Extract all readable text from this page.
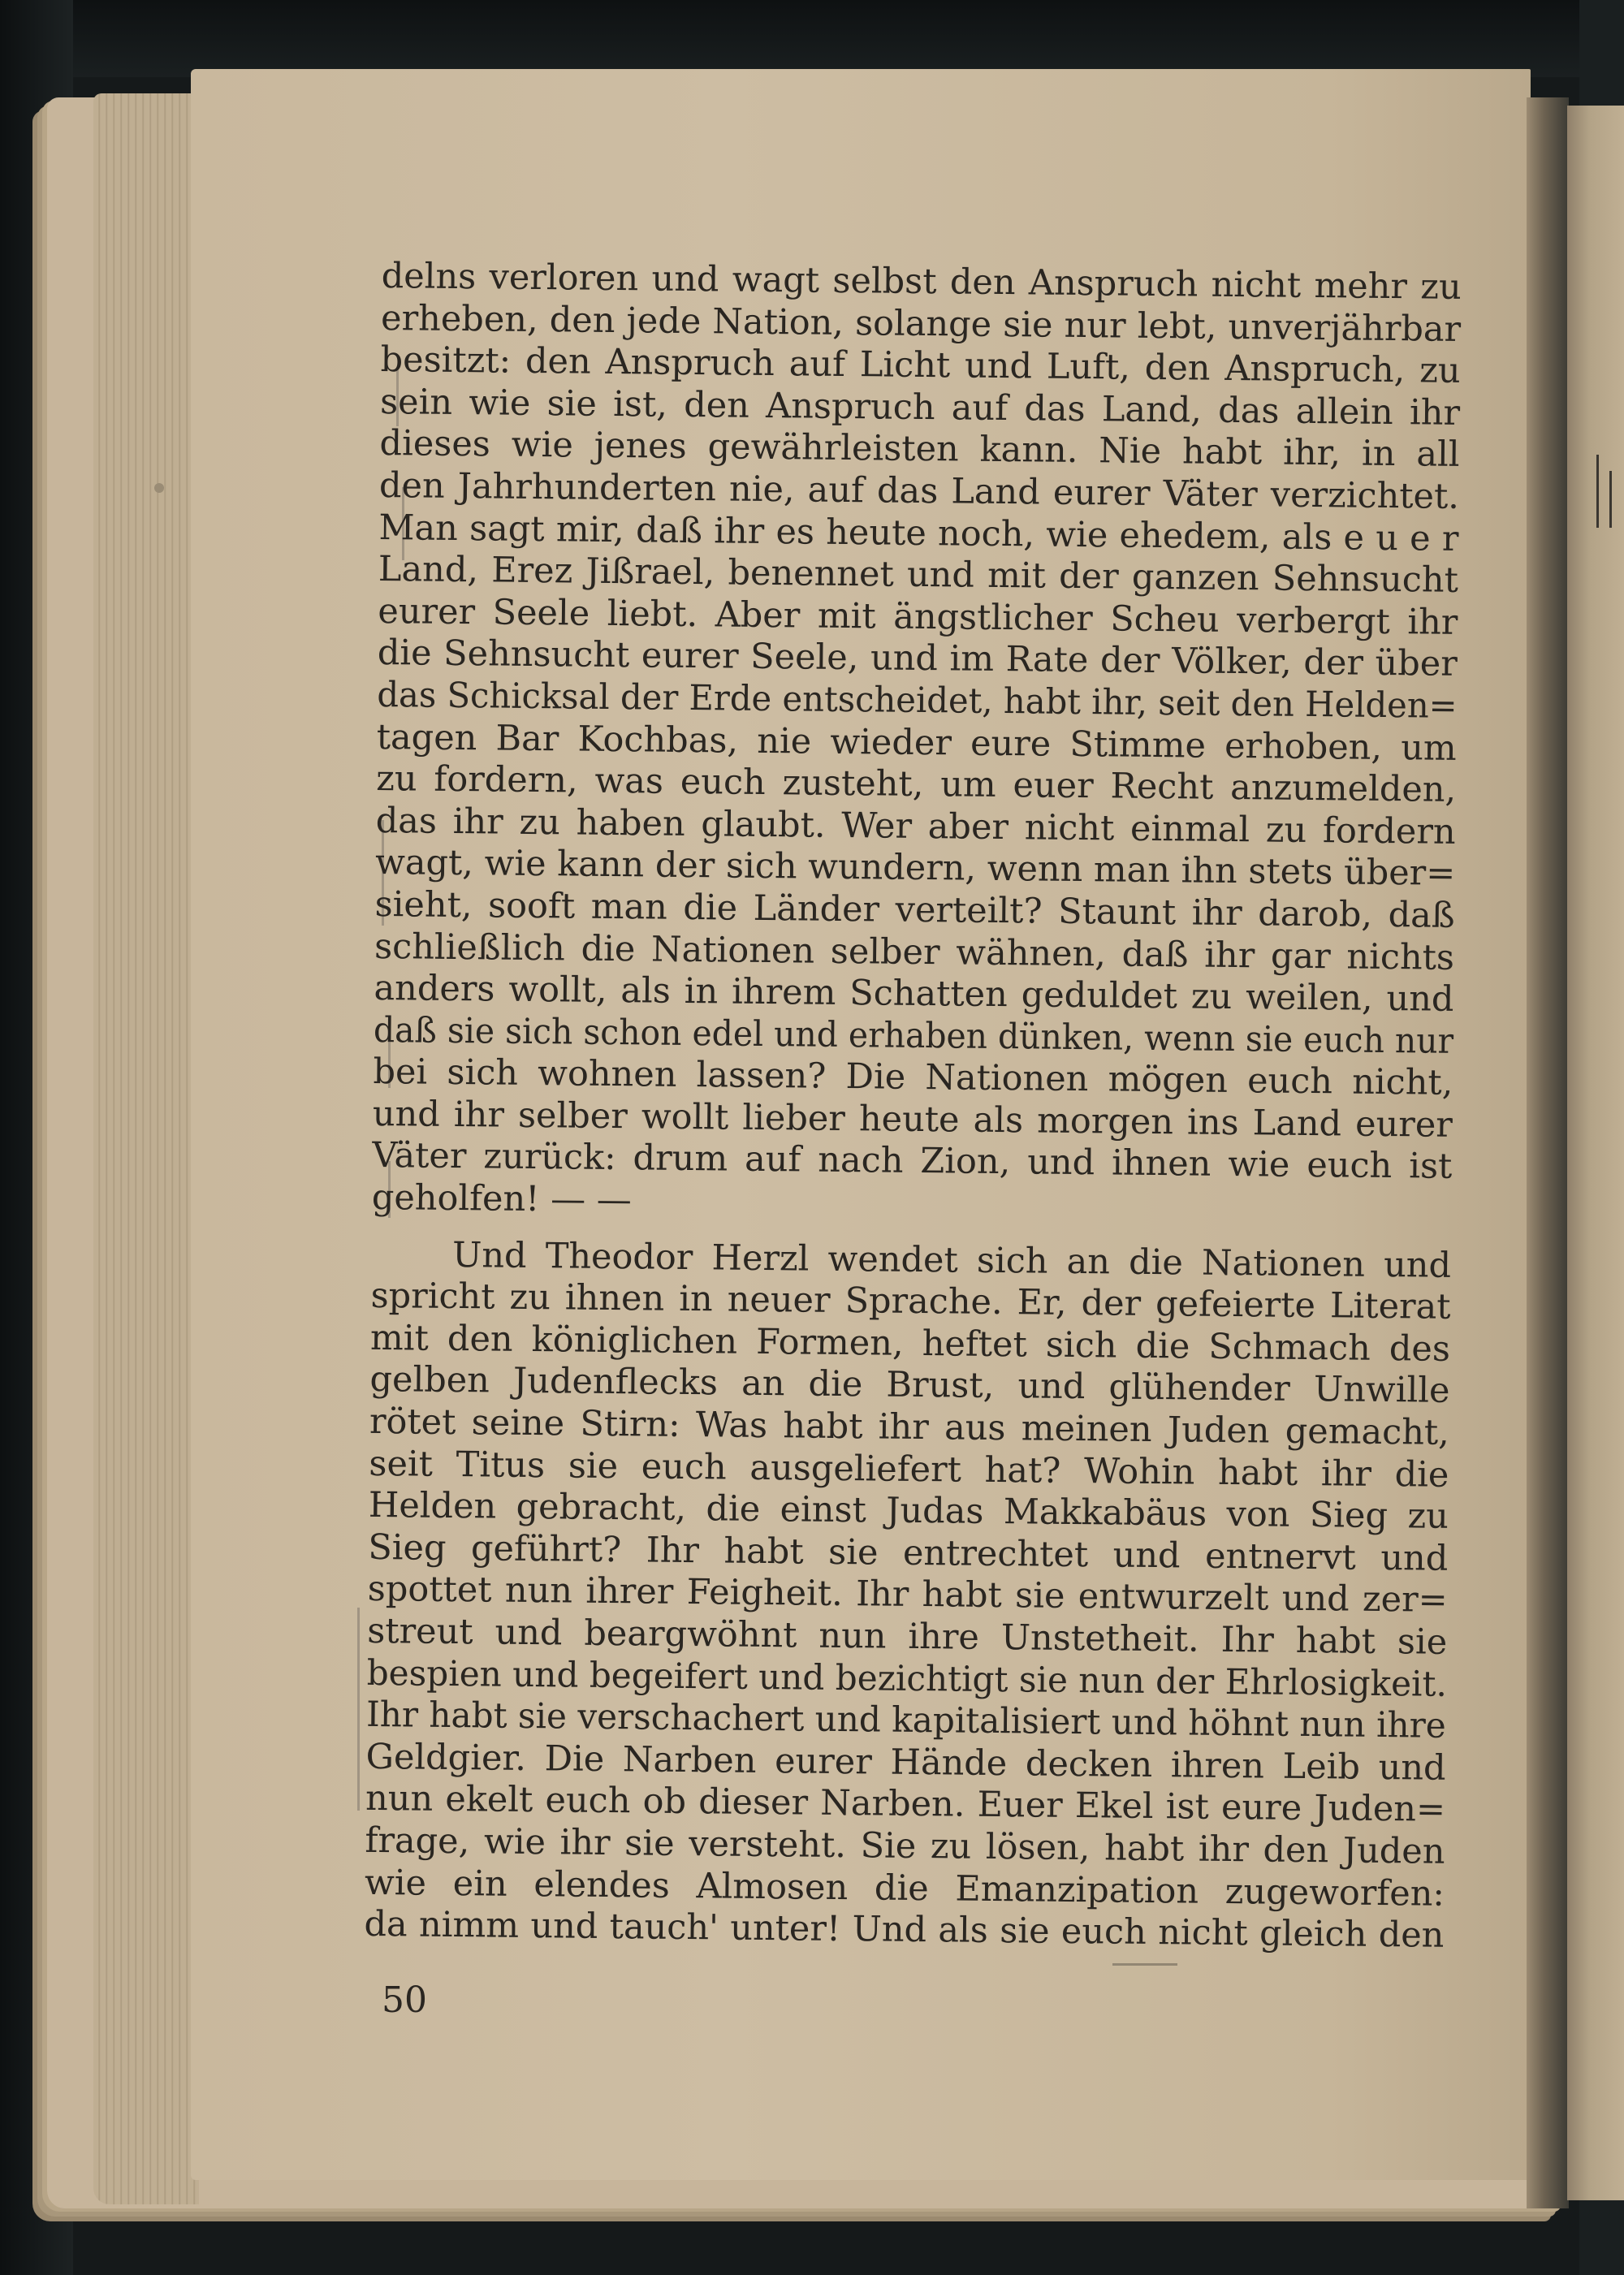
delns verloren und wagt selbst den Anspruch nicht mehr zu
erheben, den jede Nation, solange sie nur lebt, unverjährbar
besitzt: den Anspruch auf Licht und Luft, den Anspruch, zu
sein wie sie ist, den Anspruch auf das Land, das allein ihr
dieses wie jenes gewährleisten kann. Nie habt ihr, in all
den Jahrhunderten nie, auf das Land eurer Väter verzichtet.
Man sagt mir, daß ihr es heute noch, wie ehedem, als e u e r
Land, Erez Jißrael, benennet und mit der ganzen Sehnsucht
eurer Seele liebt. Aber mit ängstlicher Scheu verbergt ihr
die Sehnsucht eurer Seele, und im Rate der Völker, der über
das Schicksal der Erde entscheidet, habt ihr, seit den Helden=
tagen Bar Kochbas, nie wieder eure Stimme erhoben, um
zu fordern, was euch zusteht, um euer Recht anzumelden,
das ihr zu haben glaubt. Wer aber nicht einmal zu fordern
wagt, wie kann der sich wundern, wenn man ihn stets über=
sieht, sooft man die Länder verteilt? Staunt ihr darob, daß
schließlich die Nationen selber wähnen, daß ihr gar nichts
anders wollt, als in ihrem Schatten geduldet zu weilen, und
daß sie sich schon edel und erhaben dünken, wenn sie euch nur
bei sich wohnen lassen? Die Nationen mögen euch nicht,
und ihr selber wollt lieber heute als morgen ins Land eurer
Väter zurück: drum auf nach Zion, und ihnen wie euch ist
geholfen! — —
Und Theodor Herzl wendet sich an die Nationen und
spricht zu ihnen in neuer Sprache. Er, der gefeierte Literat
mit den königlichen Formen, heftet sich die Schmach des
gelben Judenflecks an die Brust, und glühender Unwille
rötet seine Stirn: Was habt ihr aus meinen Juden gemacht,
seit Titus sie euch ausgeliefert hat? Wohin habt ihr die
Helden gebracht, die einst Judas Makkabäus von Sieg zu
Sieg geführt? Ihr habt sie entrechtet und entnervt und
spottet nun ihrer Feigheit. Ihr habt sie entwurzelt und zer=
streut und beargwöhnt nun ihre Unstetheit. Ihr habt sie
bespien und begeifert und bezichtigt sie nun der Ehrlosigkeit.
Ihr habt sie verschachert und kapitalisiert und höhnt nun ihre
Geldgier. Die Narben eurer Hände decken ihren Leib und
nun ekelt euch ob dieser Narben. Euer Ekel ist eure Juden=
frage, wie ihr sie versteht. Sie zu lösen, habt ihr den Juden
wie ein elendes Almosen die Emanzipation zugeworfen:
da nimm und tauch' unter! Und als sie euch nicht gleich den
50
